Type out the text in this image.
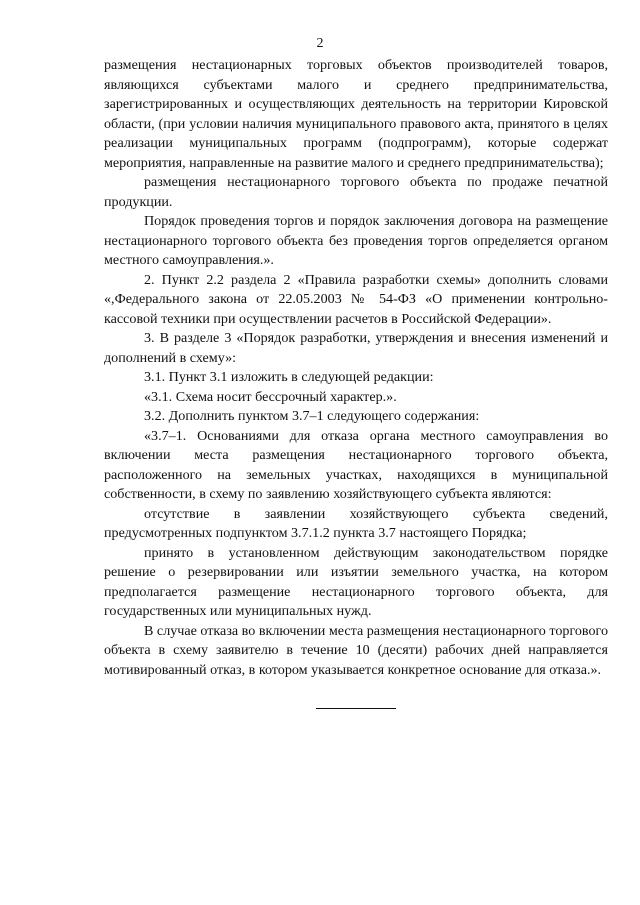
2

размещения нестационарных торговых объектов производителей товаров, являющихся субъектами малого и среднего предпринимательства, зарегистрированных и осуществляющих деятельность на территории Кировской области, (при условии наличия муниципального правового акта, принятого в целях реализации муниципальных программ (подпрограмм), которые содержат мероприятия, направленные на развитие малого и среднего предпринимательства);

размещения нестационарного торгового объекта по продаже печатной продукции.

Порядок проведения торгов и порядок заключения договора на размещение нестационарного торгового объекта без проведения торгов определяется органом местного самоуправления.».

2. Пункт 2.2 раздела 2 «Правила разработки схемы» дополнить словами «,Федерального закона от 22.05.2003 № 54-ФЗ «О применении контрольно-кассовой техники при осуществлении расчетов в Российской Федерации».

3. В разделе 3 «Порядок разработки, утверждения и внесения изменений и дополнений в схему»:

3.1. Пункт 3.1 изложить в следующей редакции:

«3.1. Схема носит бессрочный характер.».

3.2. Дополнить пунктом 3.7–1 следующего содержания:

«3.7–1. Основаниями для отказа органа местного самоуправления во включении места размещения нестационарного торгового объекта, расположенного на земельных участках, находящихся в муниципальной собственности, в схему по заявлению хозяйствующего субъекта являются:

отсутствие в заявлении хозяйствующего субъекта сведений, предусмотренных подпунктом 3.7.1.2 пункта 3.7 настоящего Порядка;

принято в установленном действующим законодательством порядке решение о резервировании или изъятии земельного участка, на котором предполагается размещение нестационарного торгового объекта, для государственных или муниципальных нужд.

В случае отказа во включении места размещения нестационарного торгового объекта в схему заявителю в течение 10 (десяти) рабочих дней направляется мотивированный отказ, в котором указывается конкретное основание для отказа.».
